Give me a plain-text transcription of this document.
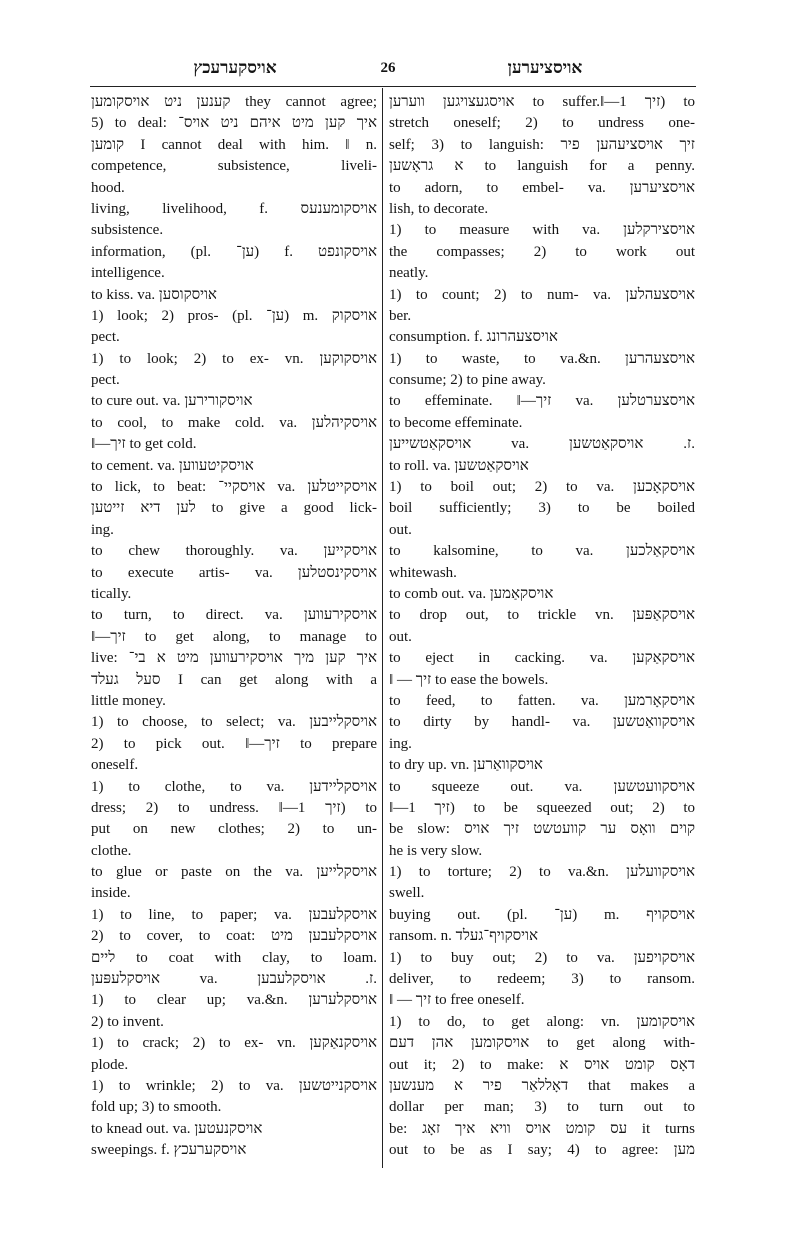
אויסקערעכץ	26	אויסציערען
קענען ניט אויסקומען they cannot agree;
5) to deal: איך קען מיט איהם ניט אויס־
קומען I cannot deal with him. ‖ n.
competence, subsistence, liveli-
hood.
living, livelihood, f. אויסקומענעס
subsistence.
information, (pl. ען־) f. אויסקונפט
intelligence.
to kiss. va. אויסקוסען
1) look; 2) pros- (pl. ען־) m. אויסקוק
pect.
1) to look; 2) to ex- vn. אויסקוקען
pect.
to cure out. va. אויסקורירען
to cool, to make cold. va. אויסקיהלען
‖—זיך to get cold.
to cement. va. אויסקיטעווען
to lick, to beat: אויסקיי־ va. אויסקייטלען
לען דיא זייטען to give a good lick-
ing.
to chew thoroughly. va. אויסקייען
to execute artis- va. אויסקינסטלען
tically.
to turn, to direct. va. אויסקירעווען
‖—זיך to get along, to manage to
live: איך קען מיך אויסקירעווען מיט א בי־
סעל געלד I can get along with a
little money.
1) to choose, to select; va. אויסקלייבען
2) to pick out. ‖—זיך to prepare
oneself.
1) to clothe, to va. אויסקליידען
dress; 2) to undress. ‖—זיך 1) to
put on new clothes; 2) to un-
clothe.
to glue or paste on the va. אויסקלייען
inside.
1) to line, to paper; va. אויסקלעבען
2) to cover, to coat: אויסקלעבען מיט
ליים to coat with clay, to loam.
אויסקלעפּען va. ז. אויסקלעבען.
1) to clear up; va.&n. אויסקלערען
2) to invent.
1) to crack; 2) to ex- vn. אויסקנאַקען
plode.
1) to wrinkle; 2) to va. אויסקנייטשען
fold up; 3) to smooth.
to knead out. va. אויסקנעטען
sweepings. f. אויסקערעכץ
אויסגעצויגען ווערען to suffer.‖—זיך 1) to
stretch oneself; 2) to undress one-
self; 3) to languish: זיך אויסציעהען פיר
א גראָשען to languish for a penny.
to adorn, to embel- va. אויסציערען
lish, to decorate.
1) to measure with va. אויסצירקלען
the compasses; 2) to work out
neatly.
1) to count; 2) to num- va. אויסצעהלען
ber.
consumption. f. אויסצעהרונג
1) to waste, to va.&n. אויסצעהרען
consume; 2) to pine away.
to effeminate. ‖—זיך va. אויסצערטלען
to become effeminate.
אויסקאַטשייען va. ז. אויסקאַטשען.
to roll. va. אויסקאַטשען
1) to boil out; 2) to va. אויסקאָכען
boil sufficiently; 3) to be boiled
out.
to kalsomine, to va. אויסקאַלכען
whitewash.
to comb out. va. אויסקאַמען
to drop out, to trickle vn. אויסקאַפּען
out.
to eject in cacking. va. אויסקאַקען
‖ — זיך to ease the bowels.
to feed, to fatten. va. אויסקאָרמען
to dirty by handl- va. אויסקוואַטשען
ing.
to dry up. vn. אויסקוואַרען
to squeeze out. va. אויסקוועטשען
‖—זיך 1) to be squeezed out; 2) to
be slow: קוים וואָס ער קוועטשט זיך אויס
he is very slow.
1) to torture; 2) to va.&n. אויסקוועלען
swell.
buying out. (pl. ען־) m. אויסקויף
ransom. n. אויסקויף־געלד
1) to buy out; 2) to va. אויסקויפען
deliver, to redeem; 3) to ransom.
‖ — זיך to free oneself.
1) to do, to get along: vn. אויסקומען
אויסקומען אהן דעם to get along with-
out it; 2) to make: דאָס קומט אויס א
דאָללאַר פיר א מענשען that makes a
dollar per man; 3) to turn out to
be: עס קומט אויס וויא איך זאָג it turns
out to be as I say; 4) to agree: מען
